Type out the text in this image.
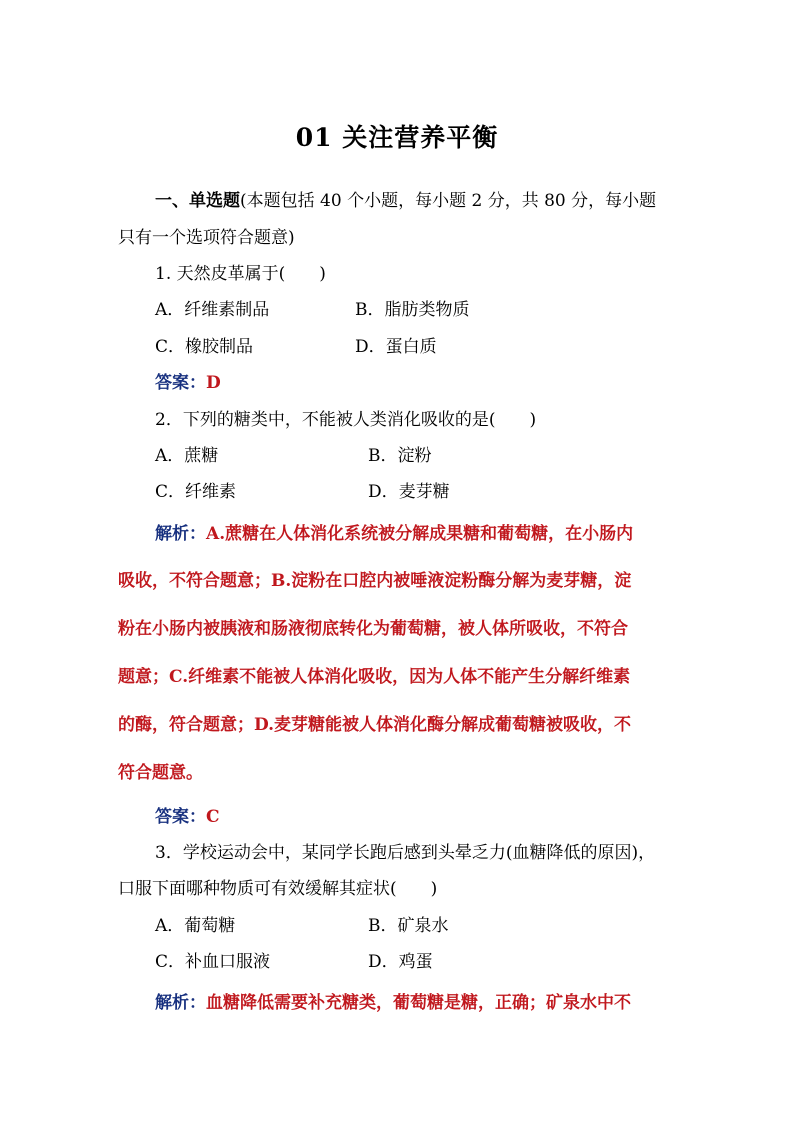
01 关注营养平衡
一、单选题(本题包括 40 个小题，每小题 2 分，共 80 分，每小题
只有一个选项符合题意)
1. 天然皮革属于(　　)
A．纤维素制品	B．脂肪类物质
C．橡胶制品	D．蛋白质
答案：D
2．下列的糖类中，不能被人类消化吸收的是(　　)
A．蔗糖	B．淀粉
C．纤维素	D．麦芽糖
解析：A.蔗糖在人体消化系统被分解成果糖和葡萄糖，在小肠内
吸收，不符合题意；B.淀粉在口腔内被唾液淀粉酶分解为麦芽糖，淀
粉在小肠内被胰液和肠液彻底转化为葡萄糖，被人体所吸收，不符合
题意；C.纤维素不能被人体消化吸收，因为人体不能产生分解纤维素
的酶，符合题意；D.麦芽糖能被人体消化酶分解成葡萄糖被吸收，不
符合题意。
答案：C
3．学校运动会中，某同学长跑后感到头晕乏力(血糖降低的原因)，
口服下面哪种物质可有效缓解其症状(　　)
A．葡萄糖	B．矿泉水
C．补血口服液	D．鸡蛋
解析：血糖降低需要补充糖类，葡萄糖是糖，正确；矿泉水中不
